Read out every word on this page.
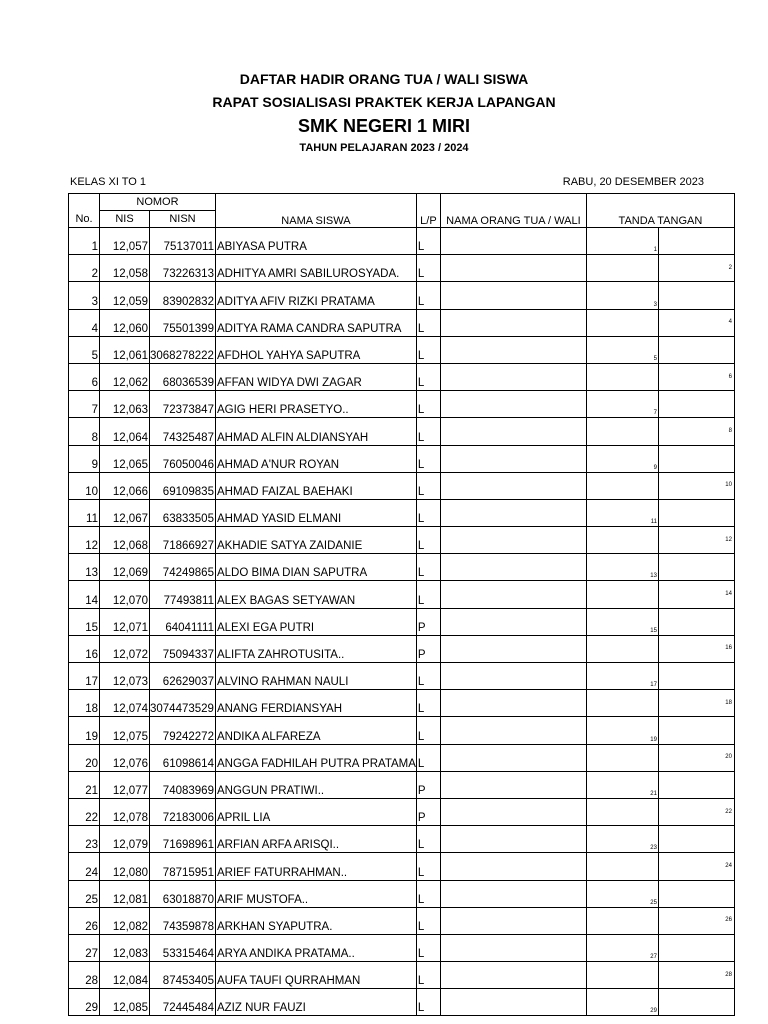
DAFTAR HADIR ORANG TUA / WALI SISWA
RAPAT SOSIALISASI PRAKTEK KERJA LAPANGAN
SMK NEGERI 1 MIRI
TAHUN PELAJARAN 2023 / 2024
KELAS XI TO 1	RABU, 20 DESEMBER 2023
	NOMOR		NAMA SISWA	L/P	NAMA ORANG TUA / WALI	TANDA TANGAN	
No.	NIS	NISN					
1	12,057	75137011	ABIYASA PUTRA	L		1	
2	12,058	73226313	ADHITYA AMRI SABILUROSYADA.	L			2
3	12,059	83902832	ADITYA AFIV RIZKI PRATAMA	L		3	
4	12,060	75501399	ADITYA RAMA CANDRA SAPUTRA	L			4
5	12,061	3068278222	AFDHOL YAHYA SAPUTRA	L		5	
6	12,062	68036539	AFFAN WIDYA DWI ZAGAR	L			6
7	12,063	72373847	AGIG HERI PRASETYO..	L		7	
8	12,064	74325487	AHMAD ALFIN ALDIANSYAH	L			8
9	12,065	76050046	AHMAD A'NUR ROYAN	L		9	
10	12,066	69109835	AHMAD FAIZAL BAEHAKI	L			10
11	12,067	63833505	AHMAD YASID ELMANI	L		11	
12	12,068	71866927	AKHADIE SATYA ZAIDANIE	L			12
13	12,069	74249865	ALDO BIMA DIAN SAPUTRA	L		13	
14	12,070	77493811	ALEX BAGAS SETYAWAN	L			14
15	12,071	64041111	ALEXI EGA PUTRI	P		15	
16	12,072	75094337	ALIFTA ZAHROTUSITA..	P			16
17	12,073	62629037	ALVINO RAHMAN NAULI	L		17	
18	12,074	3074473529	ANANG FERDIANSYAH	L			18
19	12,075	79242272	ANDIKA ALFAREZA	L		19	
20	12,076	61098614	ANGGA FADHILAH PUTRA PRATAMA	L			20
21	12,077	74083969	ANGGUN PRATIWI..	P		21	
22	12,078	72183006	APRIL LIA	P			22
23	12,079	71698961	ARFIAN ARFA ARISQI..	L		23	
24	12,080	78715951	ARIEF FATURRAHMAN..	L			24
25	12,081	63018870	ARIF MUSTOFA..	L		25	
26	12,082	74359878	ARKHAN SYAPUTRA.	L			26
27	12,083	53315464	ARYA ANDIKA PRATAMA..	L		27	
28	12,084	87453405	AUFA TAUFI QURRAHMAN	L			28
29	12,085	72445484	AZIZ NUR FAUZI	L		29	
